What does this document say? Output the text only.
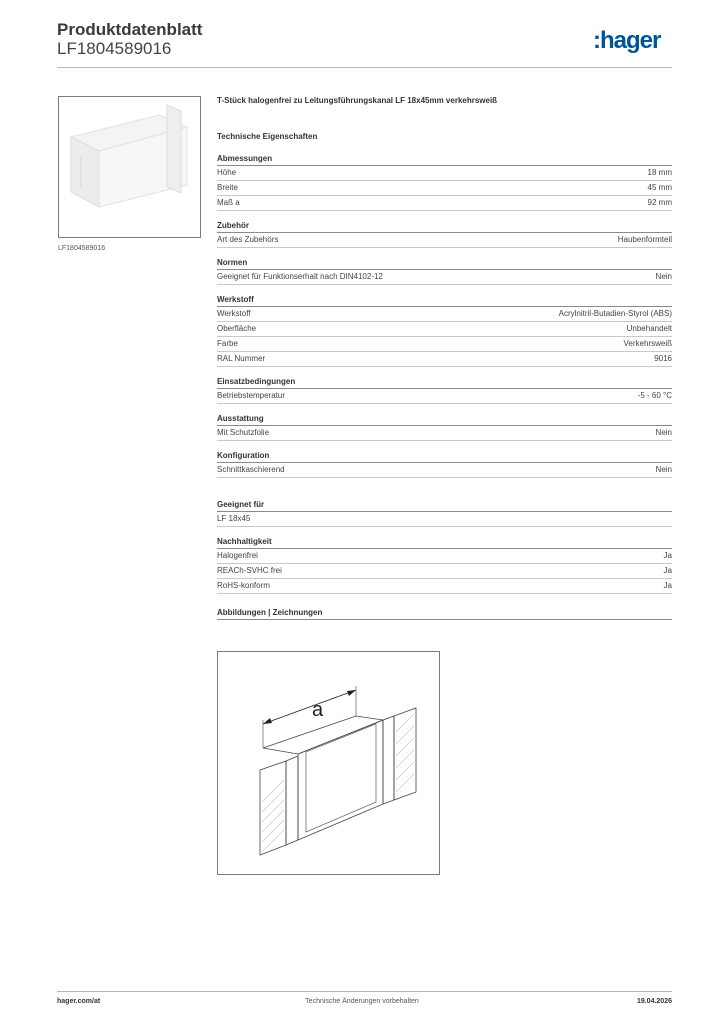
Produktdatenblatt
LF1804589016	:hager
LF1804589016
T-Stück halogenfrei zu Leitungsführungskanal LF 18x45mm verkehrsweiß
Technische Eigenschaften
Abmessungen
Höhe	18 mm
Breite	45 mm
Maß a	92 mm
Zubehör
Art des Zubehörs	Haubenformteil
Normen
Geeignet für Funktionserhalt nach DIN4102-12	Nein
Werkstoff
Werkstoff	Acrylnitril-Butadien-Styrol (ABS)
Oberfläche	Unbehandelt
Farbe	Verkehrsweiß
RAL Nummer	9016
Einsatzbedingungen
Betriebstemperatur	-5 - 60 °C
Ausstattung
Mit Schutzfolie	Nein
Konfiguration
Schnittkaschierend	Nein
Geeignet für
LF 18x45
Nachhaltigkeit
Halogenfrei	Ja
REACh-SVHC frei	Ja
RoHS-konform	Ja
Abbildungen | Zeichnungen
a
hager.com/at	Technische Änderungen vorbehalten	19.04.2026
